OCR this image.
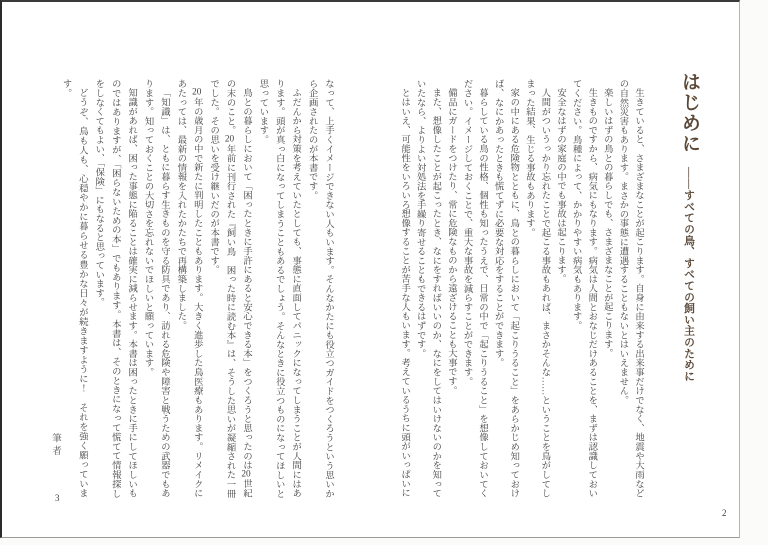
なって、上手くイメージできない人もいます。そんなかたにも役立つガイドをつくろうという思いから企画されたのが本書です。

ふだんから対策を考えていたとしても、事態に直面してパニックになってしまうことが人間にはあります。頭が真っ白になってしまうこともあるでしょう。そんなときに役立つものになってほしいと思っています。

鳥との暮らしにおいて「困ったときに手許にあると安心できる本」をつくろうと思ったのは20世紀の末のこと。20年前に刊行された『飼い鳥　困った時に読む本』は、そうした思いが凝縮された一冊でした。その思いを受け継いだのが本書です。

20年の歳月の中で新たに判明したこともあります。大きく進歩した鳥医療もあります。リメイクにあたっては、最新の情報を入れたかたちで再構築しました。

「知識」は、ともに暮らす生きものを守る防具であり、訪れる危険や障害と戦うための武器でもあります。知っておくことの大切さを忘れないでほしいと願っています。

知識があれば、困った事態に陥ることは確実に減らせます。本書は困ったときに手にしてほしいものではありますが、「困らないための本」でもあります。本書は、そのときになって慌てて情報探しをしなくてもよい、「保険」にもなると思っています。

どうぞ、鳥も人も、心穏やかに暮らせる豊かな日々が続きますように！　それを強く願っています。

筆者
3
はじめに——すべての鳥、すべての飼い主のために

生きていると、さまざまなことが起こります。自身に由来する出来事だけでなく、地震や大雨などの自然災害もあります。まさかの事態に遭遇することもないとはいえません。

楽しいはずの鳥との暮らしでも、さまざまなことが起こります。

生きものですから、病気にもなります。病気は人間とおなじだけあることを、まずは認識しておいてください。鳥種によって、かかりやすい病気もあります。

安全なはずの家庭の中でも事故は起こります。

人間がついうっかり忘れたことで起こる事故もあれば、まさかそんな……ということを鳥がしてしまった結果、生じる事故もあります。

家の中にある危険物とともに、鳥との暮らしにおいて「起こりうること」をあらかじめ知っておけば、なにかあったときも慌てずに必要な対応をすることができます。

暮らしている鳥の性格、個性も知ったうえで、日常の中で「起こりうること」を想像しておいてください。イメージしておくことで、重大な事故を減らすことができます。

備品にガードをつけたり、常に危険なものから遠ざけることも大事です。

また、想像したことが起こったとき、なにをすればいいのか、なにをしてはいけないのかを知っていたなら、よりよい対処法を手繰り寄せることもできるはずです。

とはいえ、可能性をいろいろ想像することが苦手な人もいます。考えているうちに頭がいっぱいに

2
